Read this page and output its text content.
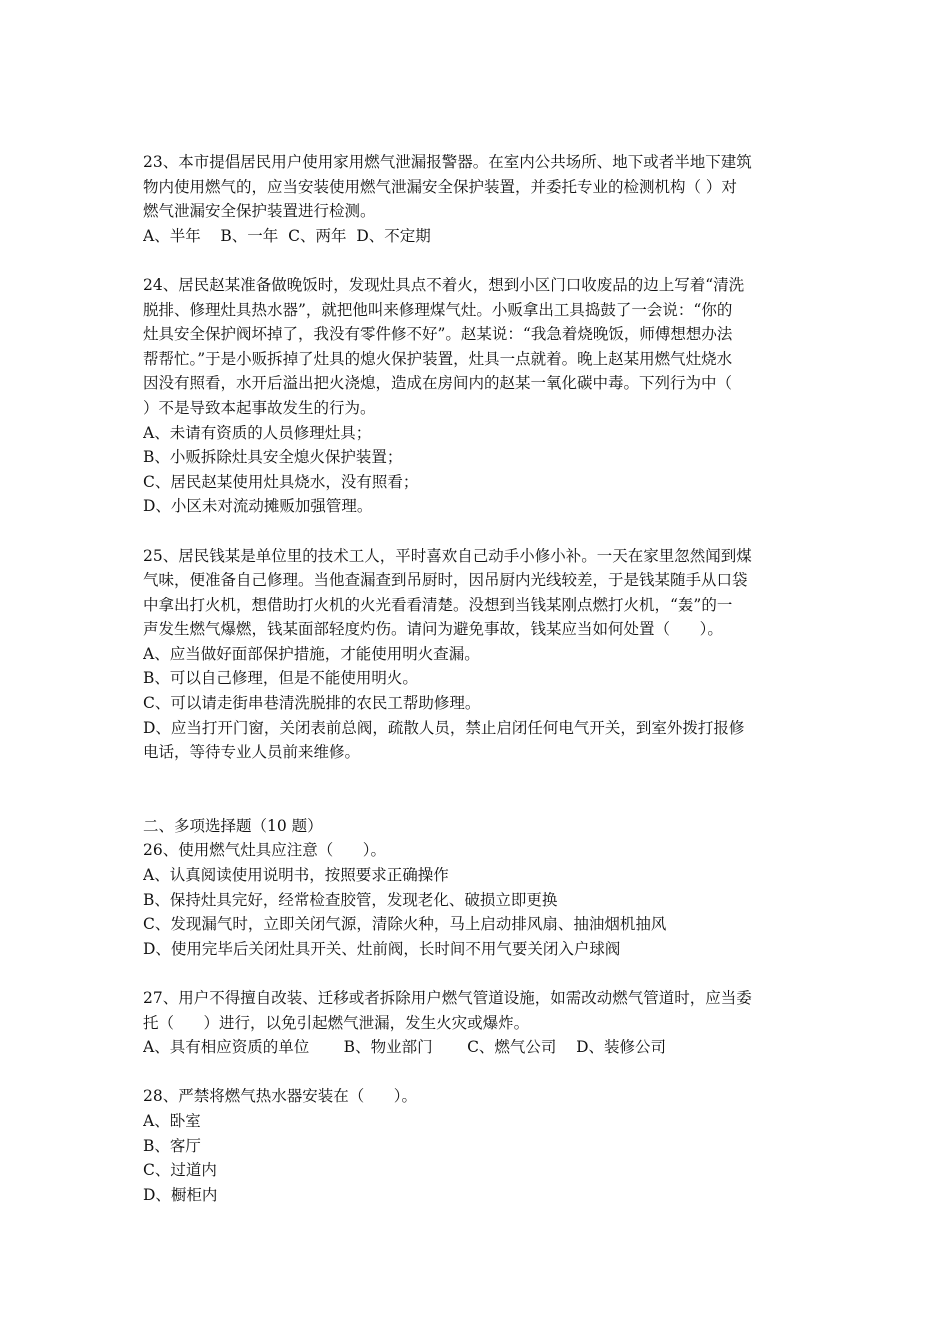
23、本市提倡居民用户使用家用燃气泄漏报警器。在室内公共场所、地下或者半地下建筑
物内使用燃气的，应当安装使用燃气泄漏安全保护装置，并委托专业的检测机构（ ）对
燃气泄漏安全保护装置进行检测。
A、半年    B、一年  C、两年  D、不定期
24、居民赵某准备做晚饭时，发现灶具点不着火，想到小区门口收废品的边上写着“清洗
脱排、修理灶具热水器”，就把他叫来修理煤气灶。小贩拿出工具捣鼓了一会说：“你的
灶具安全保护阀坏掉了，我没有零件修不好”。赵某说：“我急着烧晚饭，师傅想想办法
帮帮忙。”于是小贩拆掉了灶具的熄火保护装置，灶具一点就着。晚上赵某用燃气灶烧水
因没有照看，水开后溢出把火浇熄，造成在房间内的赵某一氧化碳中毒。下列行为中（
）不是导致本起事故发生的行为。
A、未请有资质的人员修理灶具；
B、小贩拆除灶具安全熄火保护装置；
C、居民赵某使用灶具烧水，没有照看；
D、小区未对流动摊贩加强管理。
25、居民钱某是单位里的技术工人，平时喜欢自己动手小修小补。一天在家里忽然闻到煤
气味，便准备自己修理。当他查漏查到吊厨时，因吊厨内光线较差，于是钱某随手从口袋
中拿出打火机，想借助打火机的火光看看清楚。没想到当钱某刚点燃打火机，“轰”的一
声发生燃气爆燃，钱某面部轻度灼伤。请问为避免事故，钱某应当如何处置（      ）。
A、应当做好面部保护措施，才能使用明火查漏。
B、可以自己修理，但是不能使用明火。
C、可以请走街串巷清洗脱排的农民工帮助修理。
D、应当打开门窗，关闭表前总阀，疏散人员，禁止启闭任何电气开关，到室外拨打报修
电话，等待专业人员前来维修。
二、多项选择题（10 题）
26、使用燃气灶具应注意（      ）。
A、认真阅读使用说明书，按照要求正确操作
B、保持灶具完好，经常检查胶管，发现老化、破损立即更换
C、发现漏气时，立即关闭气源，清除火种，马上启动排风扇、抽油烟机抽风
D、使用完毕后关闭灶具开关、灶前阀，长时间不用气要关闭入户球阀
27、用户不得擅自改装、迁移或者拆除用户燃气管道设施，如需改动燃气管道时，应当委
托（      ）进行，以免引起燃气泄漏，发生火灾或爆炸。
A、具有相应资质的单位       B、物业部门       C、燃气公司    D、装修公司
28、严禁将燃气热水器安装在（      ）。
A、卧室
B、客厅
C、过道内
D、橱柜内
